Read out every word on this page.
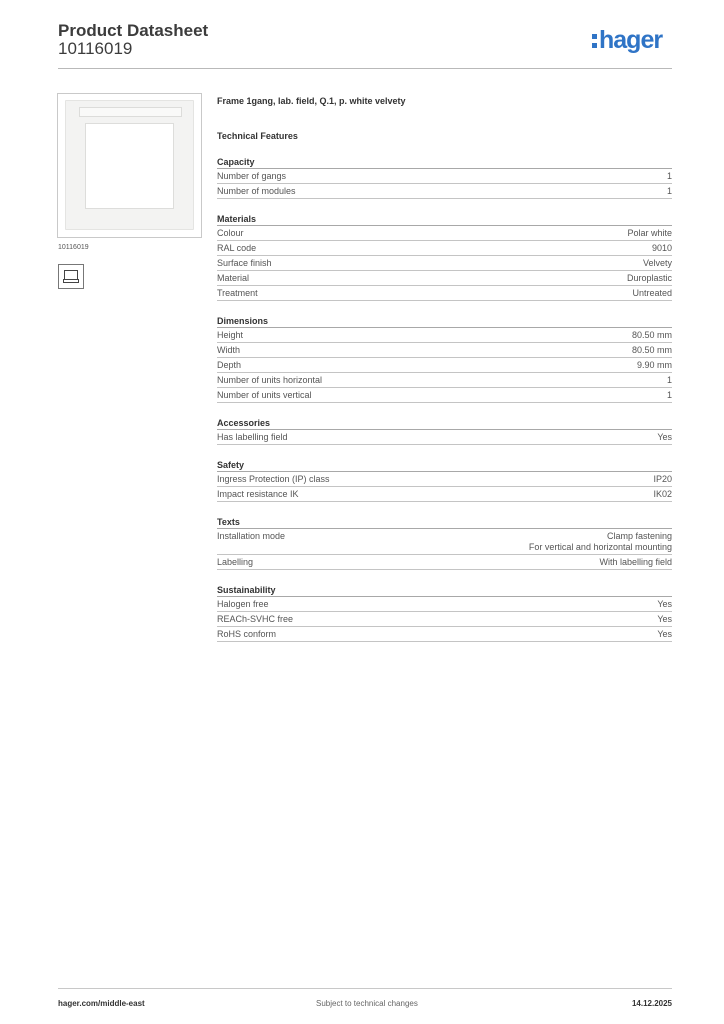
Product Datasheet
10116019	hager
10116019
Frame 1gang, lab. field, Q.1, p. white velvety
Technical Features
Capacity
Number of gangs	1
Number of modules	1
Materials
Colour	Polar white
RAL code	9010
Surface finish	Velvety
Material	Duroplastic
Treatment	Untreated
Dimensions
Height	80.50 mm
Width	80.50 mm
Depth	9.90 mm
Number of units horizontal	1
Number of units vertical	1
Accessories
Has labelling field	Yes
Safety
Ingress Protection (IP) class	IP20
Impact resistance IK	IK02
Texts
Installation mode	Clamp fastening
For vertical and horizontal mounting
Labelling	With labelling field
Sustainability
Halogen free	Yes
REACh-SVHC free	Yes
RoHS conform	Yes
hager.com/middle-east	Subject to technical changes	14.12.2025
